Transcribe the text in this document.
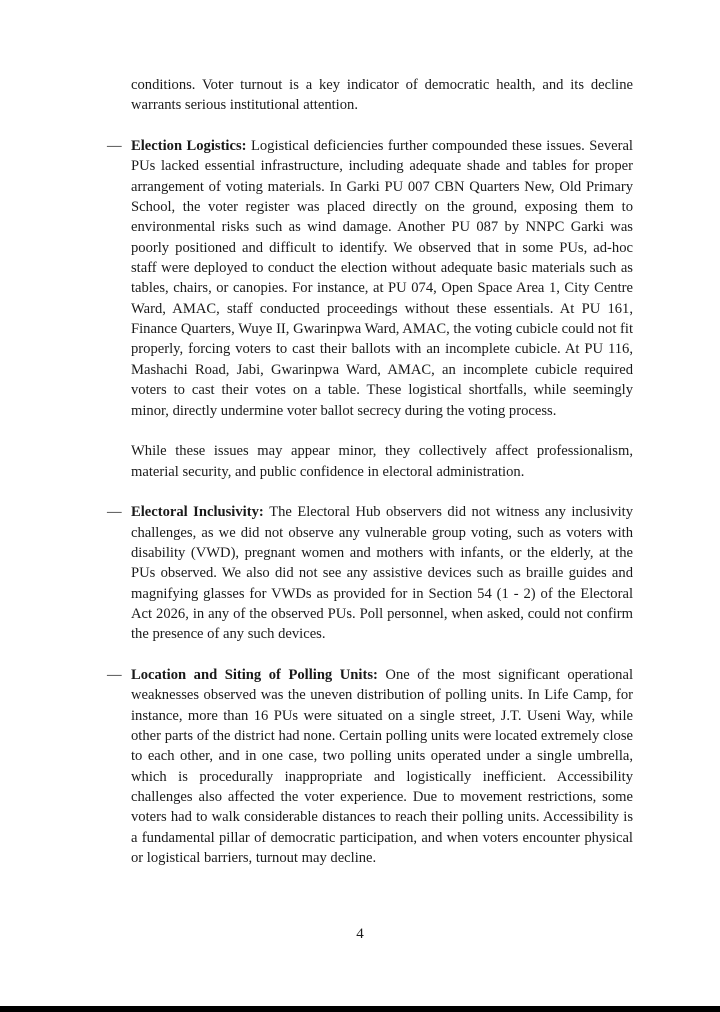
conditions. Voter turnout is a key indicator of democratic health, and its decline warrants serious institutional attention.

— Election Logistics: Logistical deficiencies further compounded these issues. Several PUs lacked essential infrastructure, including adequate shade and tables for proper arrangement of voting materials. In Garki PU 007 CBN Quarters New, Old Primary School, the voter register was placed directly on the ground, exposing them to environmental risks such as wind damage. Another PU 087 by NNPC Garki was poorly positioned and difficult to identify. We observed that in some PUs, ad-hoc staff were deployed to conduct the election without adequate basic materials such as tables, chairs, or canopies. For instance, at PU 074, Open Space Area 1, City Centre Ward, AMAC, staff conducted proceedings without these essentials. At PU 161, Finance Quarters, Wuye II, Gwarinpwa Ward, AMAC, the voting cubicle could not fit properly, forcing voters to cast their ballots with an incomplete cubicle. At PU 116, Mashachi Road, Jabi, Gwarinpwa Ward, AMAC, an incomplete cubicle required voters to cast their votes on a table. These logistical shortfalls, while seemingly minor, directly undermine voter ballot secrecy during the voting process.

While these issues may appear minor, they collectively affect professionalism, material security, and public confidence in electoral administration.

— Electoral Inclusivity: The Electoral Hub observers did not witness any inclusivity challenges, as we did not observe any vulnerable group voting, such as voters with disability (VWD), pregnant women and mothers with infants, or the elderly, at the PUs observed. We also did not see any assistive devices such as braille guides and magnifying glasses for VWDs as provided for in Section 54 (1 - 2) of the Electoral Act 2026, in any of the observed PUs. Poll personnel, when asked, could not confirm the presence of any such devices.
— Location and Siting of Polling Units: One of the most significant operational weaknesses observed was the uneven distribution of polling units. In Life Camp, for instance, more than 16 PUs were situated on a single street, J.T. Useni Way, while other parts of the district had none. Certain polling units were located extremely close to each other, and in one case, two polling units operated under a single umbrella, which is procedurally inappropriate and logistically inefficient. Accessibility challenges also affected the voter experience. Due to movement restrictions, some voters had to walk considerable distances to reach their polling units. Accessibility is a fundamental pillar of democratic participation, and when voters encounter physical or logistical barriers, turnout may decline.
4
